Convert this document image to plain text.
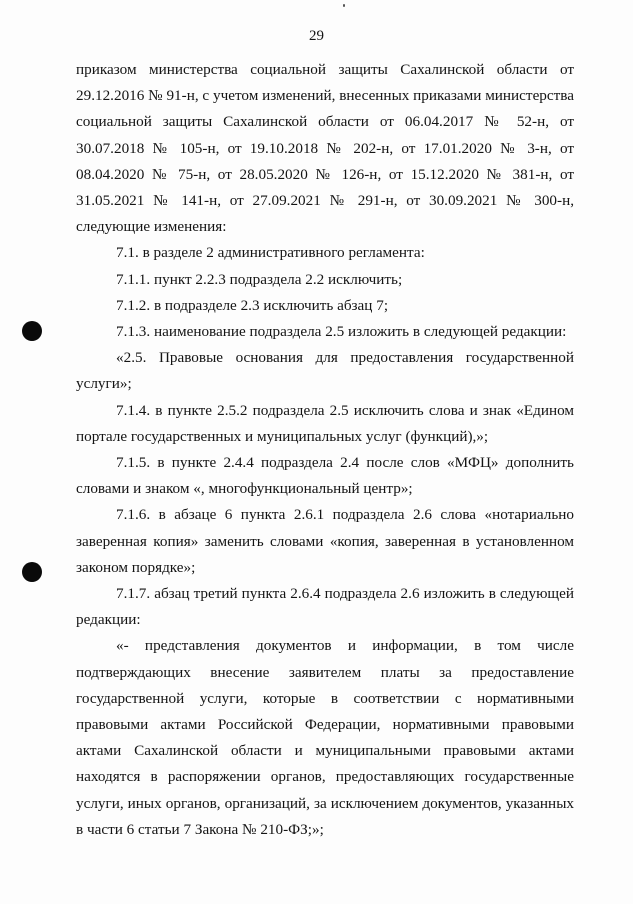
29

приказом министерства социальной защиты Сахалинской области от 29.12.2016 № 91-н, с учетом изменений, внесенных приказами министерства социальной защиты Сахалинской области от 06.04.2017 № 52-н, от 30.07.2018 № 105-н, от 19.10.2018 № 202-н, от 17.01.2020 № 3-н, от 08.04.2020 № 75-н, от 28.05.2020 № 126-н, от 15.12.2020 № 381-н, от 31.05.2021 № 141-н, от 27.09.2021 № 291-н, от 30.09.2021 № 300-н, следующие изменения:

7.1. в разделе 2 административного регламента:

7.1.1. пункт 2.2.3 подраздела 2.2 исключить;

7.1.2. в подразделе 2.3 исключить абзац 7;

7.1.3. наименование подраздела 2.5 изложить в следующей редакции:

«2.5. Правовые основания для предоставления государственной услуги»;

7.1.4. в пункте 2.5.2 подраздела 2.5 исключить слова и знак «Едином портале государственных и муниципальных услуг (функций),»;

7.1.5. в пункте 2.4.4 подраздела 2.4 после слов «МФЦ» дополнить словами и знаком «, многофункциональный центр»;

7.1.6. в абзаце 6 пункта 2.6.1 подраздела 2.6 слова «нотариально заверенная копия» заменить словами «копия, заверенная в установленном законом порядке»;

7.1.7. абзац третий пункта 2.6.4 подраздела 2.6 изложить в следующей редакции:

«- представления документов и информации, в том числе подтверждающих внесение заявителем платы за предоставление государственной услуги, которые в соответствии с нормативными правовыми актами Российской Федерации, нормативными правовыми актами Сахалинской области и муниципальными правовыми актами находятся в распоряжении органов, предоставляющих государственные услуги, иных органов, организаций, за исключением документов, указанных в части 6 статьи 7 Закона № 210-ФЗ;»;
